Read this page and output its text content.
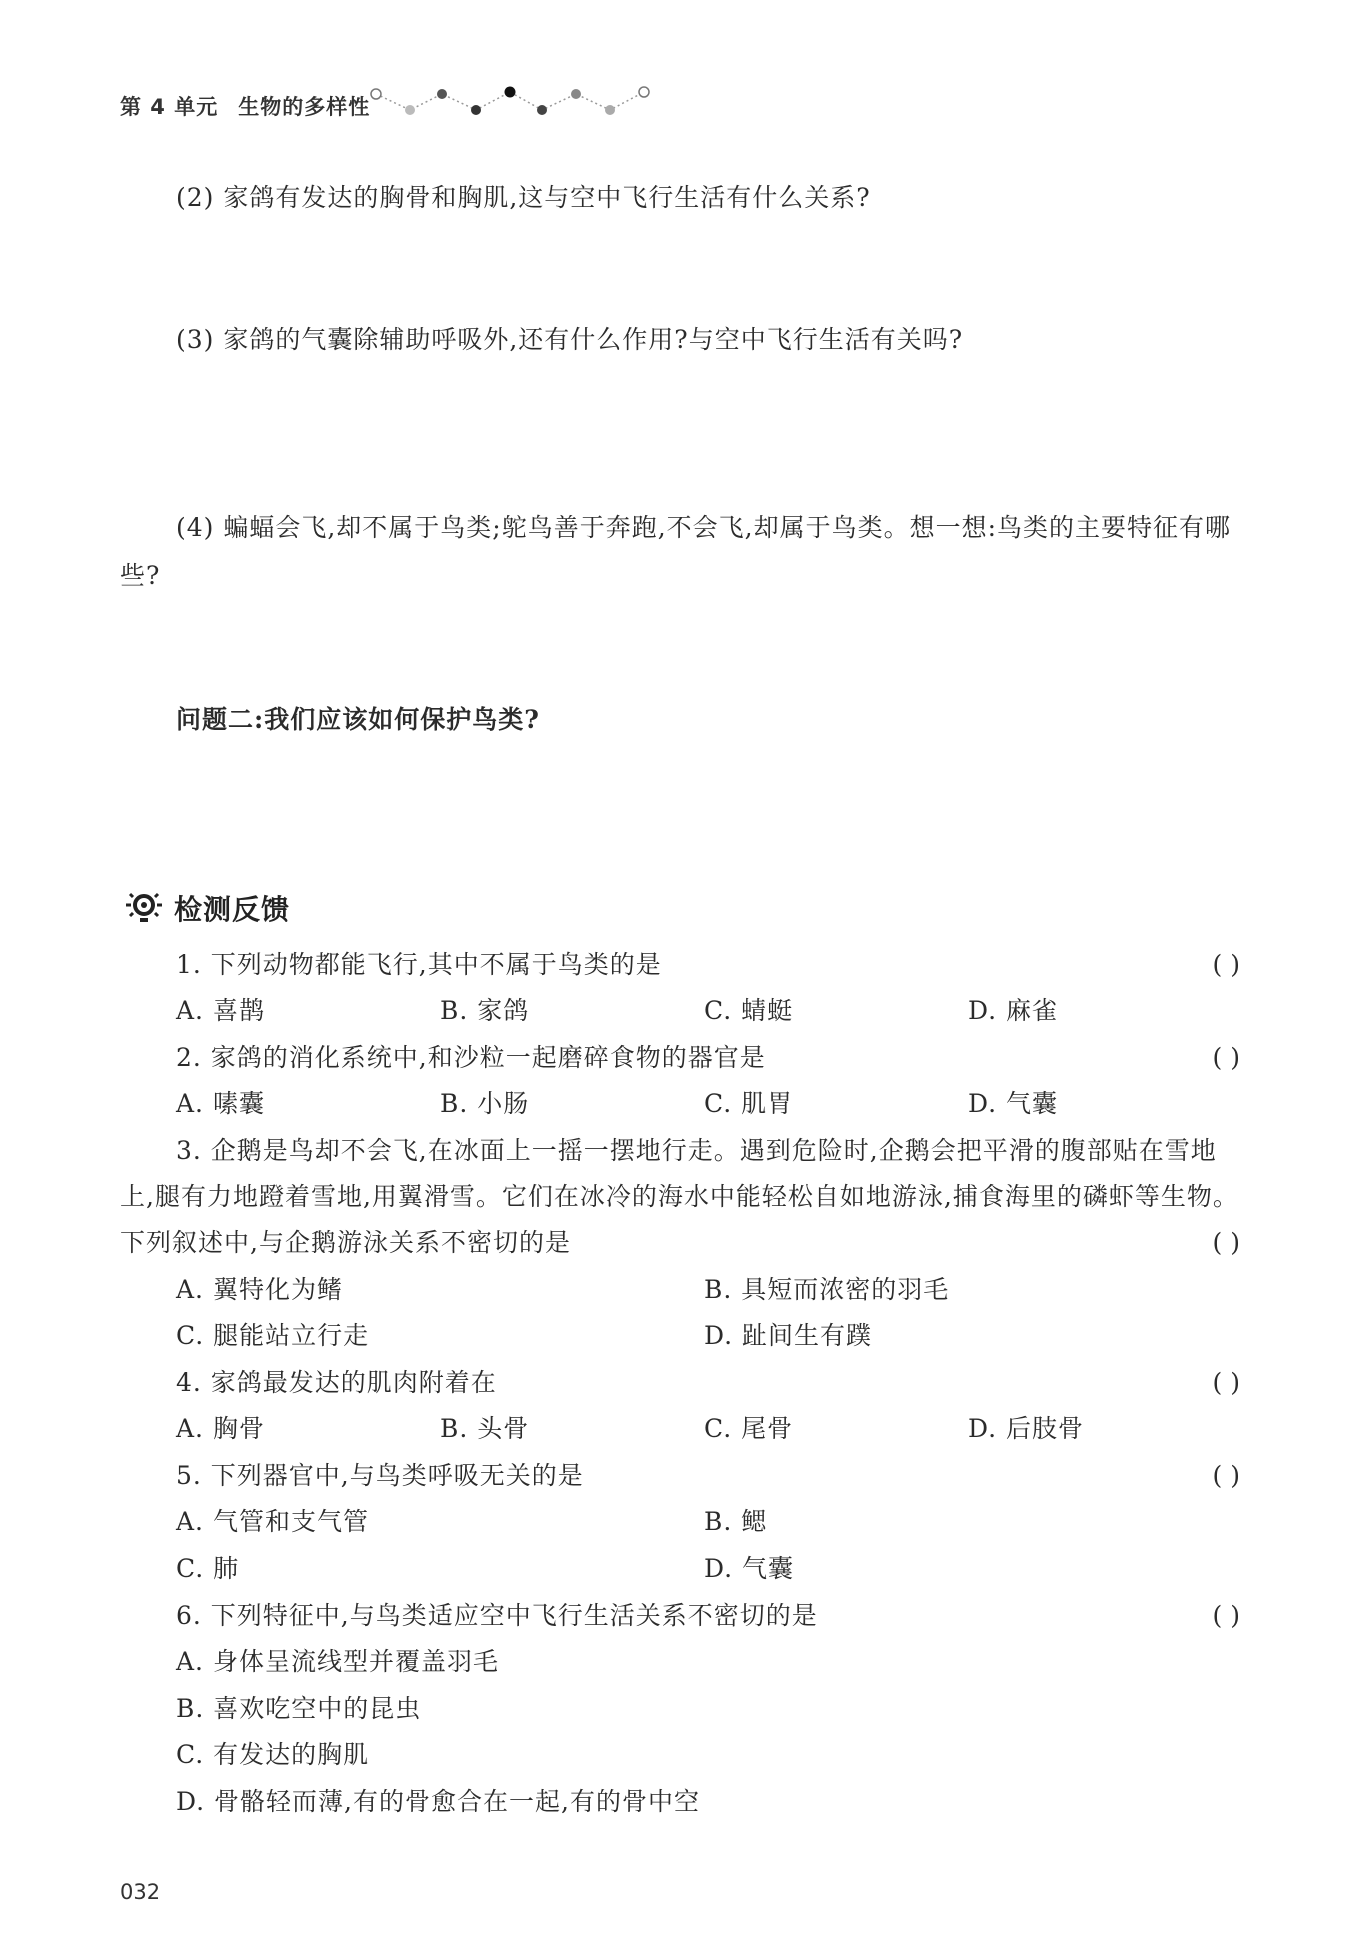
第 4 单元 生物的多样性

(2) 家鸽有发达的胸骨和胸肌,这与空中飞行生活有什么关系?

(3) 家鸽的气囊除辅助呼吸外,还有什么作用?与空中飞行生活有关吗?

(4) 蝙蝠会飞,却不属于鸟类;鸵鸟善于奔跑,不会飞,却属于鸟类。想一想:鸟类的主要特征有哪些?

问题二:我们应该如何保护鸟类?

检测反馈

1. 下列动物都能飞行,其中不属于鸟类的是	( )
A. 喜鹊	B. 家鸽	C. 蜻蜓	D. 麻雀

2. 家鸽的消化系统中,和沙粒一起磨碎食物的器官是	( )
A. 嗉囊	B. 小肠	C. 肌胃	D. 气囊

3. 企鹅是鸟却不会飞,在冰面上一摇一摆地行走。遇到危险时,企鹅会把平滑的腹部贴在雪地上,腿有力地蹬着雪地,用翼滑雪。它们在冰冷的海水中能轻松自如地游泳,捕食海里的磷虾等生物。下列叙述中,与企鹅游泳关系不密切的是	( )
A. 翼特化为鳍	B. 具短而浓密的羽毛
C. 腿能站立行走	D. 趾间生有蹼

4. 家鸽最发达的肌肉附着在	( )
A. 胸骨	B. 头骨	C. 尾骨	D. 后肢骨

5. 下列器官中,与鸟类呼吸无关的是	( )
A. 气管和支气管	B. 鳃
C. 肺	D. 气囊

6. 下列特征中,与鸟类适应空中飞行生活关系不密切的是	( )
A. 身体呈流线型并覆盖羽毛
B. 喜欢吃空中的昆虫
C. 有发达的胸肌
D. 骨骼轻而薄,有的骨愈合在一起,有的骨中空
032
